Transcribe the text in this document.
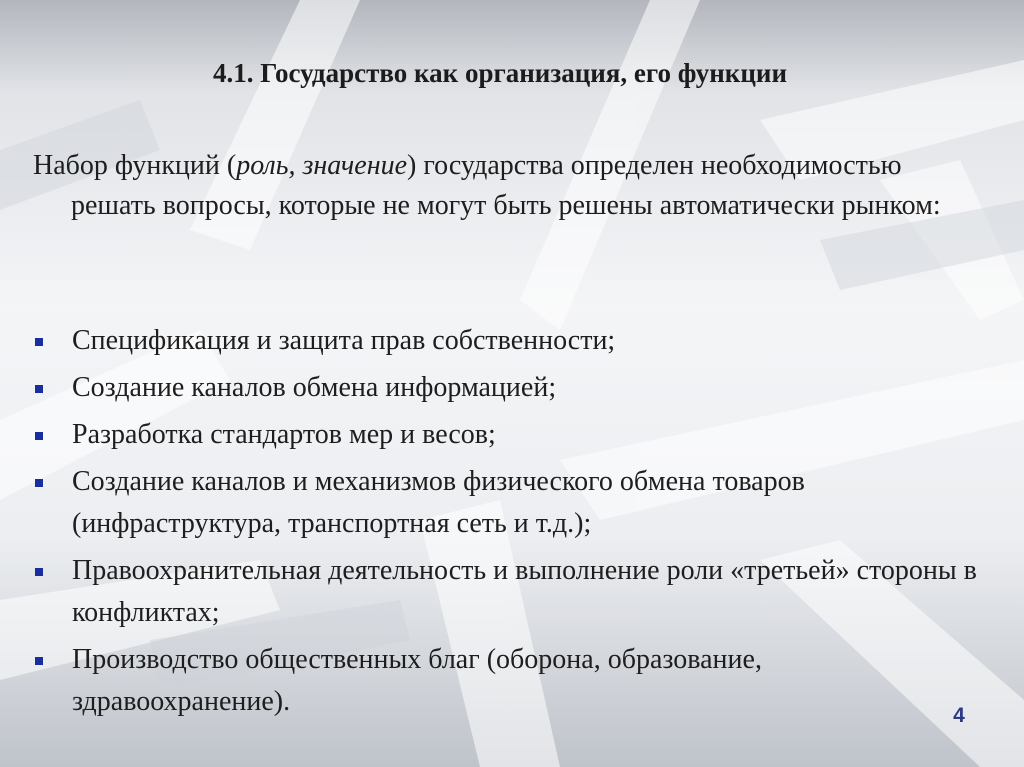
4.1. Государство как организация, его функции
Набор функций (роль, значение) государства определен необходимостью решать вопросы, которые не могут быть решены автоматически рынком:
Спецификация и защита прав собственности;
Создание каналов обмена информацией;
Разработка стандартов мер и весов;
Создание каналов и механизмов физического обмена товаров (инфраструктура, транспортная сеть и т.д.);
Правоохранительная деятельность и выполнение роли «третьей» стороны в конфликтах;
Производство общественных благ (оборона, образование, здравоохранение).	4
